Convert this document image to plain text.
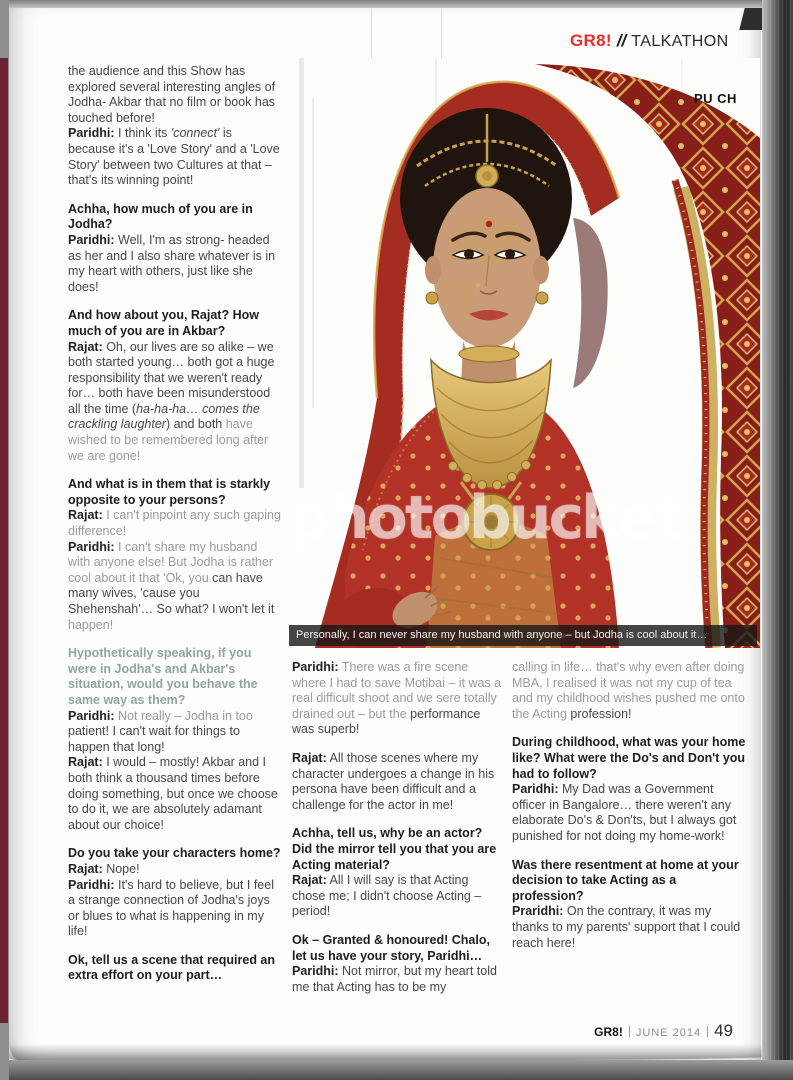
GR8! // TALKATHON
PU CH
photobucket
Personally, I can never share my husband with anyone – but Jodha is cool about it…

the audience and this Show has explored several interesting angles of Jodha- Akbar that no film or book has touched before!

Paridhi: I think its 'connect' is because it's a 'Love Story' and a 'Love Story' between two Cultures at that – that's its winning point!

Achha, how much of you are in Jodha?

Paridhi: Well, I'm as strong- headed as her and I also share whatever is in my heart with others, just like she does!

And how about you, Rajat? How much of you are in Akbar?

Rajat: Oh, our lives are so alike – we both started young… both got a huge responsibility that we weren't ready for… both have been misunderstood all the time (ha-ha-ha… comes the crackling laughter) and both have wished to be remembered long after we are gone!

And what is in them that is starkly opposite to your persons?

Rajat: I can't pinpoint any such gaping difference!

Paridhi: I can't share my husband with anyone else! But Jodha is rather cool about it that 'Ok, you can have many wives, 'cause you Shehenshah'… So what? I won't let it happen!

Hypothetically speaking, if you were in Jodha's and Akbar's situation, would you behave the same way as them?

Paridhi: Not really – Jodha in too patient! I can't wait for things to happen that long!

Rajat: I would – mostly! Akbar and I both think a thousand times before doing something, but once we choose to do it, we are absolutely adamant about our choice!

Do you take your characters home?

Rajat: Nope!

Paridhi: It's hard to believe, but I feel a strange connection of Jodha's joys or blues to what is happening in my life!

Ok, tell us a scene that required an extra effort on your part…

Paridhi: There was a fire scene where I had to save Motibai – it was a real difficult shoot and we sere totally drained out – but the performance was superb!

Rajat: All those scenes where my character undergoes a change in his persona have been difficult and a challenge for the actor in me!

Achha, tell us, why be an actor? Did the mirror tell you that you are Acting material?

Rajat: All I will say is that Acting chose me; I didn't choose Acting – period!

Ok – Granted & honoured! Chalo, let us have your story, Paridhi…

Paridhi: Not mirror, but my heart told me that Acting has to be my

calling in life… that's why even after doing MBA, I realised it was not my cup of tea and my childhood wishes pushed me onto the Acting profession!

During childhood, what was your home like? What were the Do's and Don't you had to follow?

Paridhi: My Dad was a Government officer in Bangalore… there weren't any elaborate Do's & Don'ts, but I always got punished for not doing my home-work!

Was there resentment at home at your decision to take Acting as a profession?

Praridhi: On the contrary, it was my thanks to my parents' support that I could reach here!

GR8! JUNE 2014 49
